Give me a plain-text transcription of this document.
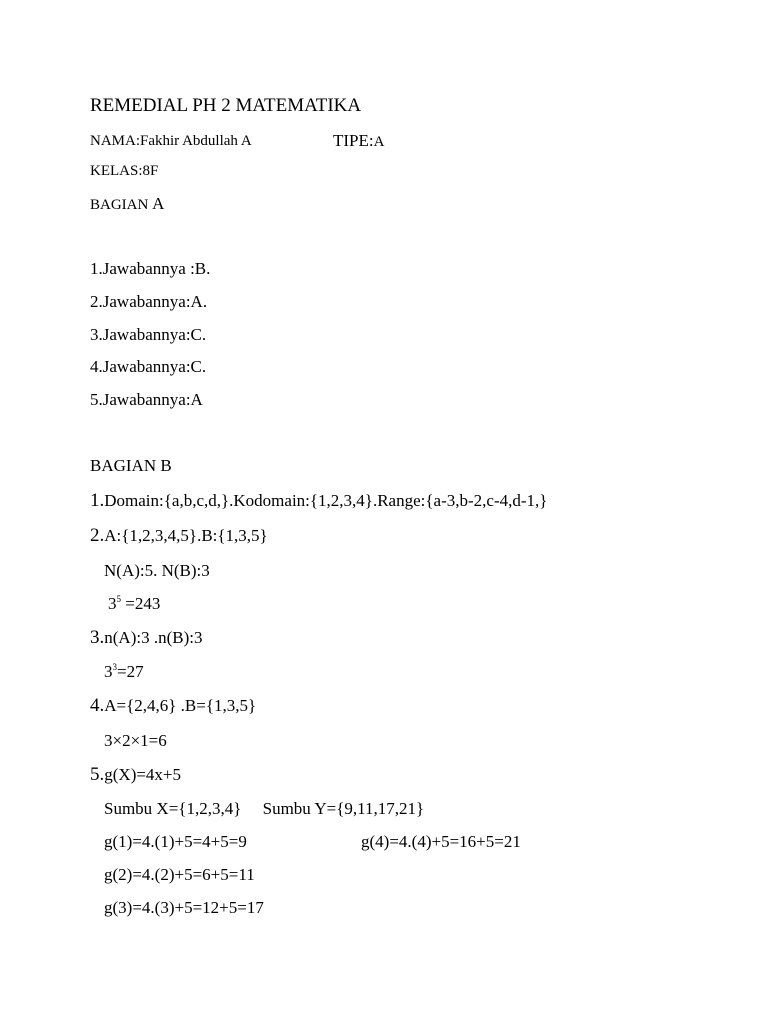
REMEDIAL PH 2 MATEMATIKA
NAMA:Fakhir Abdullah A	TIPE:A
KELAS:8F
BAGIAN A
1.Jawabannya :B.
2.Jawabannya:A.
3.Jawabannya:C.
4.Jawabannya:C.
5.Jawabannya:A
BAGIAN B
1.Domain:{a,b,c,d,}.Kodomain:{1,2,3,4}.Range:{a-3,b-2,c-4,d-1,}
2.A:{1,2,3,4,5}.B:{1,3,5}
N(A):5. N(B):3
$3^5 =243$
3.n(A):3 .n(B):3
$3^3=27$
4.A={2,4,6} .B={1,3,5}
3×2×1=6
5.g(X)=4x+5
Sumbu X={1,2,3,4}     Sumbu Y={9,11,17,21}
g(1)=4.(1)+5=4+5=9	g(4)=4.(4)+5=16+5=21
g(2)=4.(2)+5=6+5=11
g(3)=4.(3)+5=12+5=17
